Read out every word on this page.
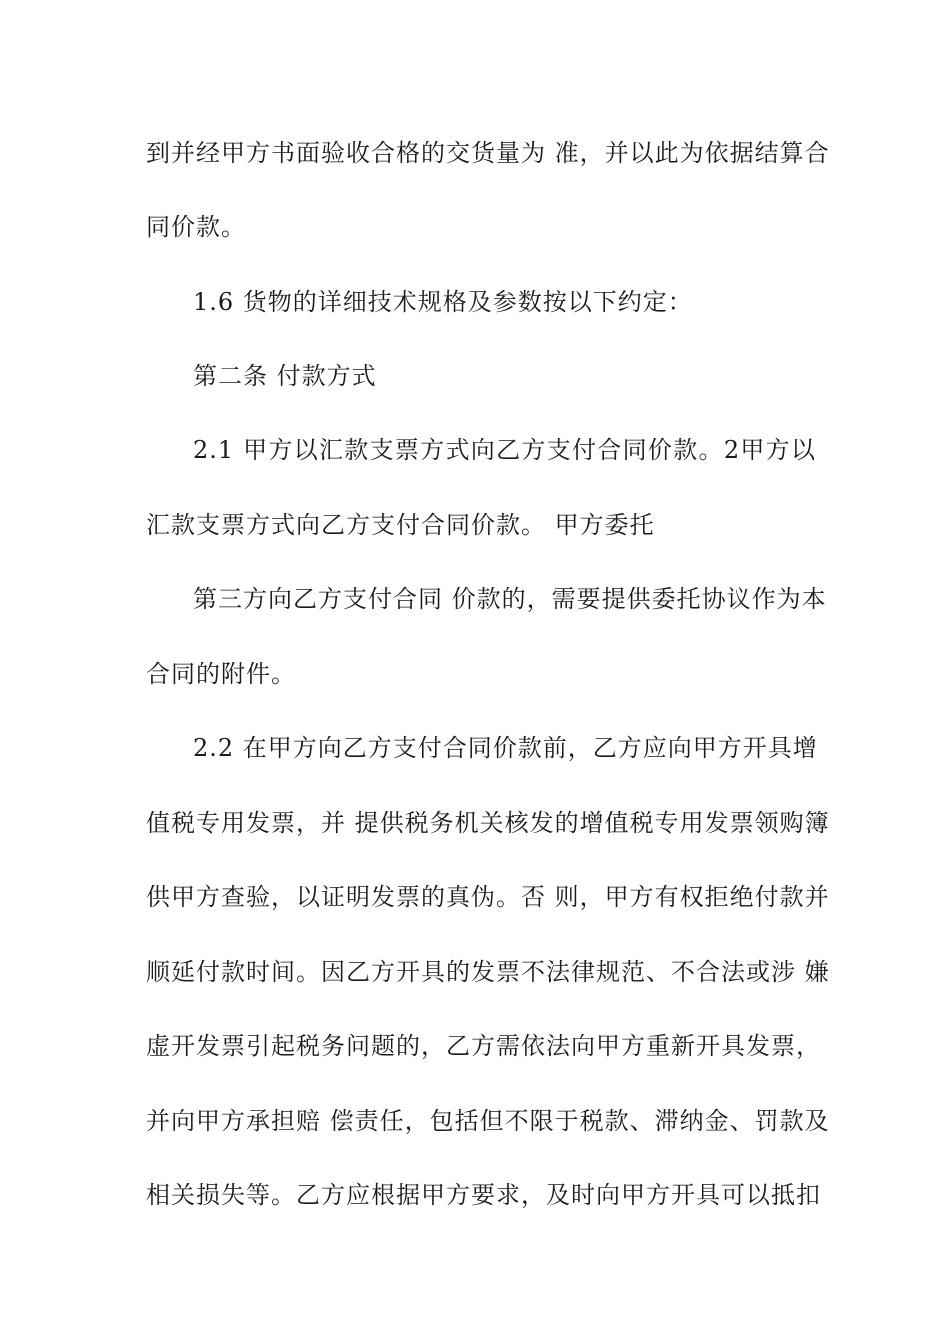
到并经甲方书面验收合格的交货量为 准，并以此为依据结算合
同价款。
1.6 货物的详细技术规格及参数按以下约定：
第二条 付款方式
2.1 甲方以汇款支票方式向乙方支付合同价款。2甲方以
汇款支票方式向乙方支付合同价款。 甲方委托
第三方向乙方支付合同 价款的，需要提供委托协议作为本
合同的附件。
2.2 在甲方向乙方支付合同价款前，乙方应向甲方开具增
值税专用发票，并 提供税务机关核发的增值税专用发票领购簿
供甲方查验，以证明发票的真伪。否 则，甲方有权拒绝付款并
顺延付款时间。因乙方开具的发票不法律规范、不合法或涉 嫌
虚开发票引起税务问题的，乙方需依法向甲方重新开具发票，
并向甲方承担赔 偿责任，包括但不限于税款、滞纳金、罚款及
相关损失等。乙方应根据甲方要求，及时向甲方开具可以抵扣
